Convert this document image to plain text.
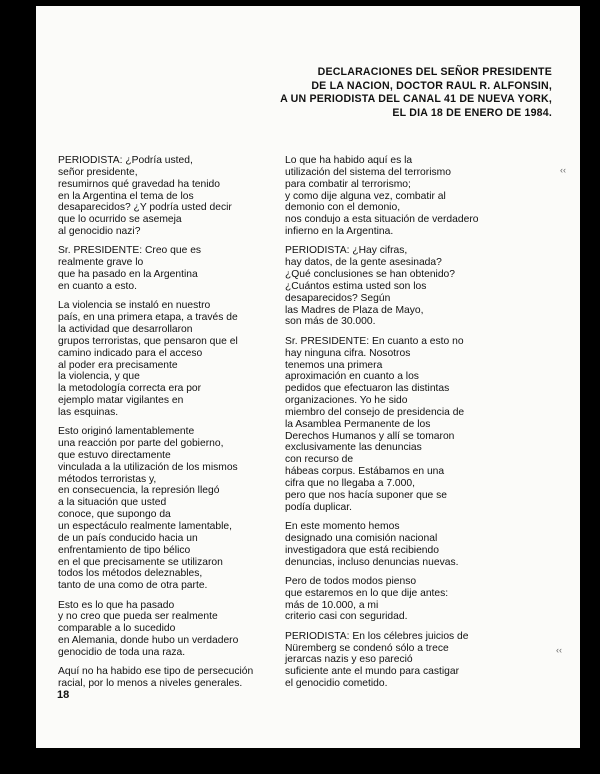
DECLARACIONES DEL SEÑOR PRESIDENTE
DE LA NACION, DOCTOR RAUL R. ALFONSIN,
A UN PERIODISTA DEL CANAL 41 DE NUEVA YORK,
EL DIA 18 DE ENERO DE 1984.

PERIODISTA: ¿Podría usted,
señor presidente,
resumirnos qué gravedad ha tenido
en la Argentina el tema de los
desaparecidos? ¿Y podría usted decir
que lo ocurrido se asemeja
al genocidio nazi?

Sr. PRESIDENTE: Creo que es
realmente grave lo
que ha pasado en la Argentina
en cuanto a esto.

La violencia se instaló en nuestro
país, en una primera etapa, a través de
la actividad que desarrollaron
grupos terroristas, que pensaron que el
camino indicado para el acceso
al poder era precisamente
la violencia, y que
la metodología correcta era por
ejemplo matar vigilantes en
las esquinas.

Esto originó lamentablemente
una reacción por parte del gobierno,
que estuvo directamente
vinculada a la utilización de los mismos
métodos terroristas y,
en consecuencia, la represión llegó
a la situación que usted
conoce, que supongo da
un espectáculo realmente lamentable,
de un país conducido hacia un
enfrentamiento de tipo bélico
en el que precisamente se utilizaron
todos los métodos deleznables,
tanto de una como de otra parte.

Esto es lo que ha pasado
y no creo que pueda ser realmente
comparable a lo sucedido
en Alemania, donde hubo un verdadero
genocidio de toda una raza.

Aquí no ha habido ese tipo de persecución
racial, por lo menos a niveles generales.

Lo que ha habido aquí es la
utilización del sistema del terrorismo
para combatir al terrorismo;
y como dije alguna vez, combatir al
demonio con el demonio,
nos condujo a esta situación de verdadero
infierno en la Argentina.

PERIODISTA: ¿Hay cifras,
hay datos, de la gente asesinada?
¿Qué conclusiones se han obtenido?
¿Cuántos estima usted son los
desaparecidos? Según
las Madres de Plaza de Mayo,
son más de 30.000.

Sr. PRESIDENTE: En cuanto a esto no
hay ninguna cifra. Nosotros
tenemos una primera
aproximación en cuanto a los
pedidos que efectuaron las distintas
organizaciones. Yo he sido
miembro del consejo de presidencia de
la Asamblea Permanente de los
Derechos Humanos y allí se tomaron
exclusivamente las denuncias
con recurso de
hábeas corpus. Estábamos en una
cifra que no llegaba a 7.000,
pero que nos hacía suponer que se
podía duplicar.

En este momento hemos
designado una comisión nacional
investigadora que está recibiendo
denuncias, incluso denuncias nuevas.

Pero de todos modos pienso
que estaremos en lo que dije antes:
más de 10.000, a mi
criterio casi con seguridad.

PERIODISTA: En los célebres juicios de
Nüremberg se condenó sólo a trece
jerarcas nazis y eso pareció
suficiente ante el mundo para castigar
el genocidio cometido.

18
‹‹
‹‹
